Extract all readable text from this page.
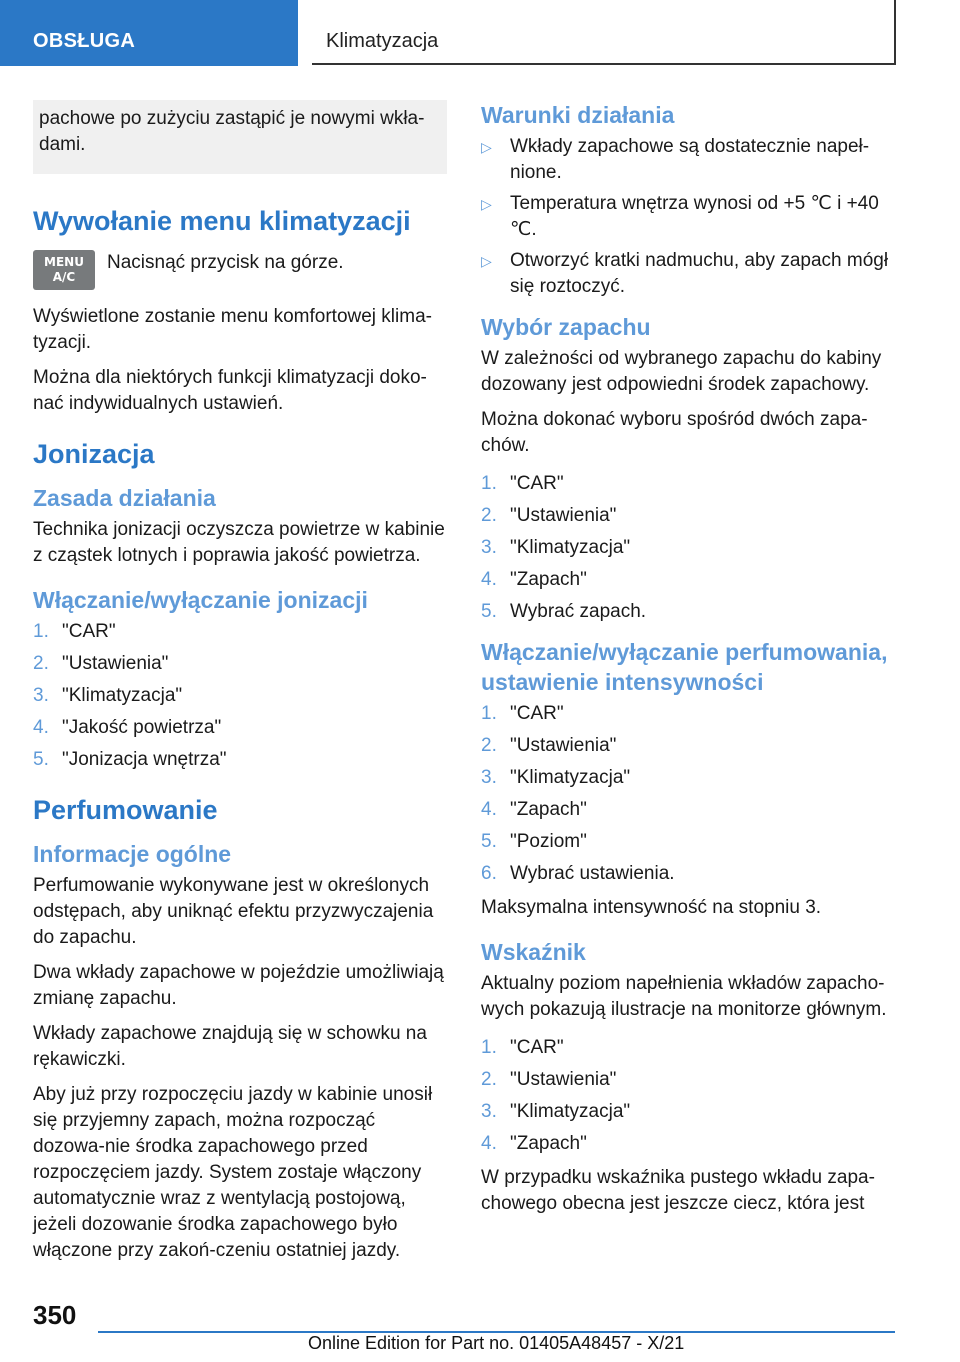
OBSŁUGA	Klimatyzacja

pachowe po zużyciu zastąpić je nowymi wkła-dami.

Wywołanie menu klimatyzacji
MENU
A/C

Nacisnąć przycisk na górze.

Wyświetlone zostanie menu komfortowej klima-tyzacji.

Można dla niektórych funkcji klimatyzacji doko-nać indywidualnych ustawień.

Jonizacja
Zasada działania

Technika jonizacji oczyszcza powietrze w kabinie z cząstek lotnych i poprawia jakość powietrza.

Włączanie/wyłączanie jonizacji
1. "CAR"
2. "Ustawienia"
3. "Klimatyzacja"
4. "Jakość powietrza"
5. "Jonizacja wnętrza"
Perfumowanie
Informacje ogólne

Perfumowanie wykonywane jest w określonych odstępach, aby uniknąć efektu przyzwyczajenia do zapachu.

Dwa wkłady zapachowe w pojeździe umożliwiają zmianę zapachu.

Wkłady zapachowe znajdują się w schowku na rękawiczki.

Aby już przy rozpoczęciu jazdy w kabinie unosił się przyjemny zapach, można rozpocząć dozowa-nie środka zapachowego przed rozpoczęciem jazdy. System zostaje włączony automatycznie wraz z wentylacją postojową, jeżeli dozowanie środka zapachowego było włączone przy zakoń-czeniu ostatniej jazdy.

Warunki działania
▷ Wkłady zapachowe są dostatecznie napeł-nione.
▷ Temperatura wnętrza wynosi od +5 ℃ i +40 ℃.
▷ Otworzyć kratki nadmuchu, aby zapach mógł się roztoczyć.
Wybór zapachu

W zależności od wybranego zapachu do kabiny dozowany jest odpowiedni środek zapachowy.

Można dokonać wyboru spośród dwóch zapa-chów.

1. "CAR"
2. "Ustawienia"
3. "Klimatyzacja"
4. "Zapach"
5. Wybrać zapach.
Włączanie/wyłączanie perfumowania, ustawienie intensywności
1. "CAR"
2. "Ustawienia"
3. "Klimatyzacja"
4. "Zapach"
5. "Poziom"
6. Wybrać ustawienia.

Maksymalna intensywność na stopniu 3.

Wskaźnik

Aktualny poziom napełnienia wkładów zapacho-wych pokazują ilustracje na monitorze głównym.

1. "CAR"
2. "Ustawienia"
3. "Klimatyzacja"
4. "Zapach"

W przypadku wskaźnika pustego wkładu zapa-chowego obecna jest jeszcze ciecz, która jest

350
Online Edition for Part no. 01405A48457 - X/21
